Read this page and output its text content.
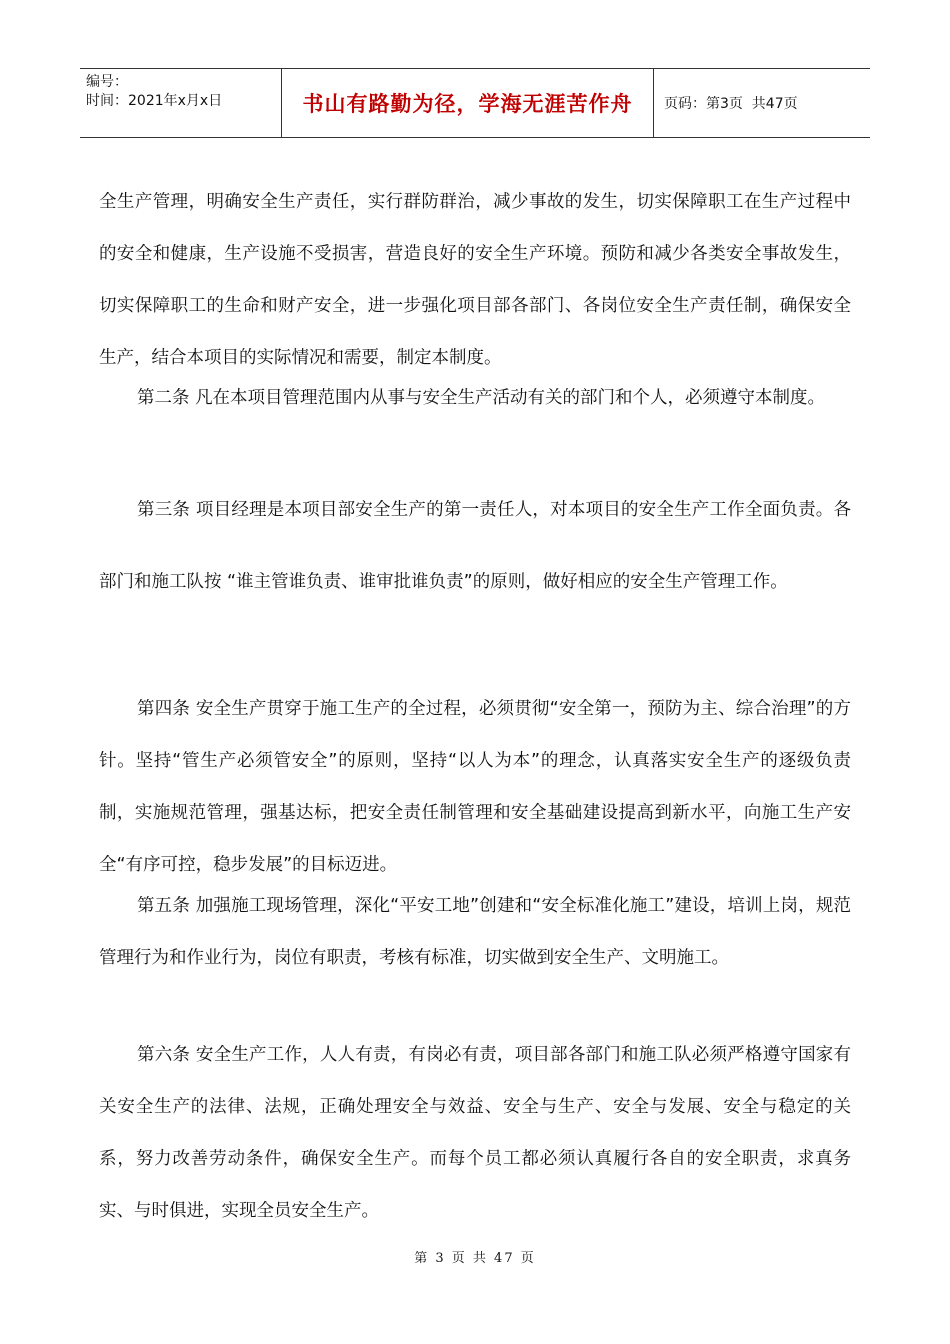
编号：
时间：2021年x月x日	书山有路勤为径，学海无涯苦作舟	页码：第3页  共47页

全生产管理，明确安全生产责任，实行群防群治，减少事故的发生，切实保障职工在生产过程中的安全和健康，生产设施不受损害，营造良好的安全生产环境。预防和减少各类安全事故发生，切实保障职工的生命和财产安全，进一步强化项目部各部门、各岗位安全生产责任制，确保安全生产，结合本项目的实际情况和需要，制定本制度。

第二条 凡在本项目管理范围内从事与安全生产活动有关的部门和个人，必须遵守本制度。

第三条 项目经理是本项目部安全生产的第一责任人，对本项目的安全生产工作全面负责。各部门和施工队按 “谁主管谁负责、谁审批谁负责”的原则，做好相应的安全生产管理工作。

第四条 安全生产贯穿于施工生产的全过程，必须贯彻“安全第一，预防为主、综合治理”的方针。坚持“管生产必须管安全”的原则，坚持“以人为本”的理念，认真落实安全生产的逐级负责制，实施规范管理，强基达标，把安全责任制管理和安全基础建设提高到新水平，向施工生产安全“有序可控，稳步发展”的目标迈进。

第五条 加强施工现场管理，深化“平安工地”创建和“安全标准化施工”建设，培训上岗，规范管理行为和作业行为，岗位有职责，考核有标准，切实做到安全生产、文明施工。

第六条 安全生产工作，人人有责，有岗必有责，项目部各部门和施工队必须严格遵守国家有关安全生产的法律、法规，正确处理安全与效益、安全与生产、安全与发展、安全与稳定的关系，努力改善劳动条件，确保安全生产。而每个员工都必须认真履行各自的安全职责，求真务实、与时俱进，实现全员安全生产。

第 3 页 共 47 页
